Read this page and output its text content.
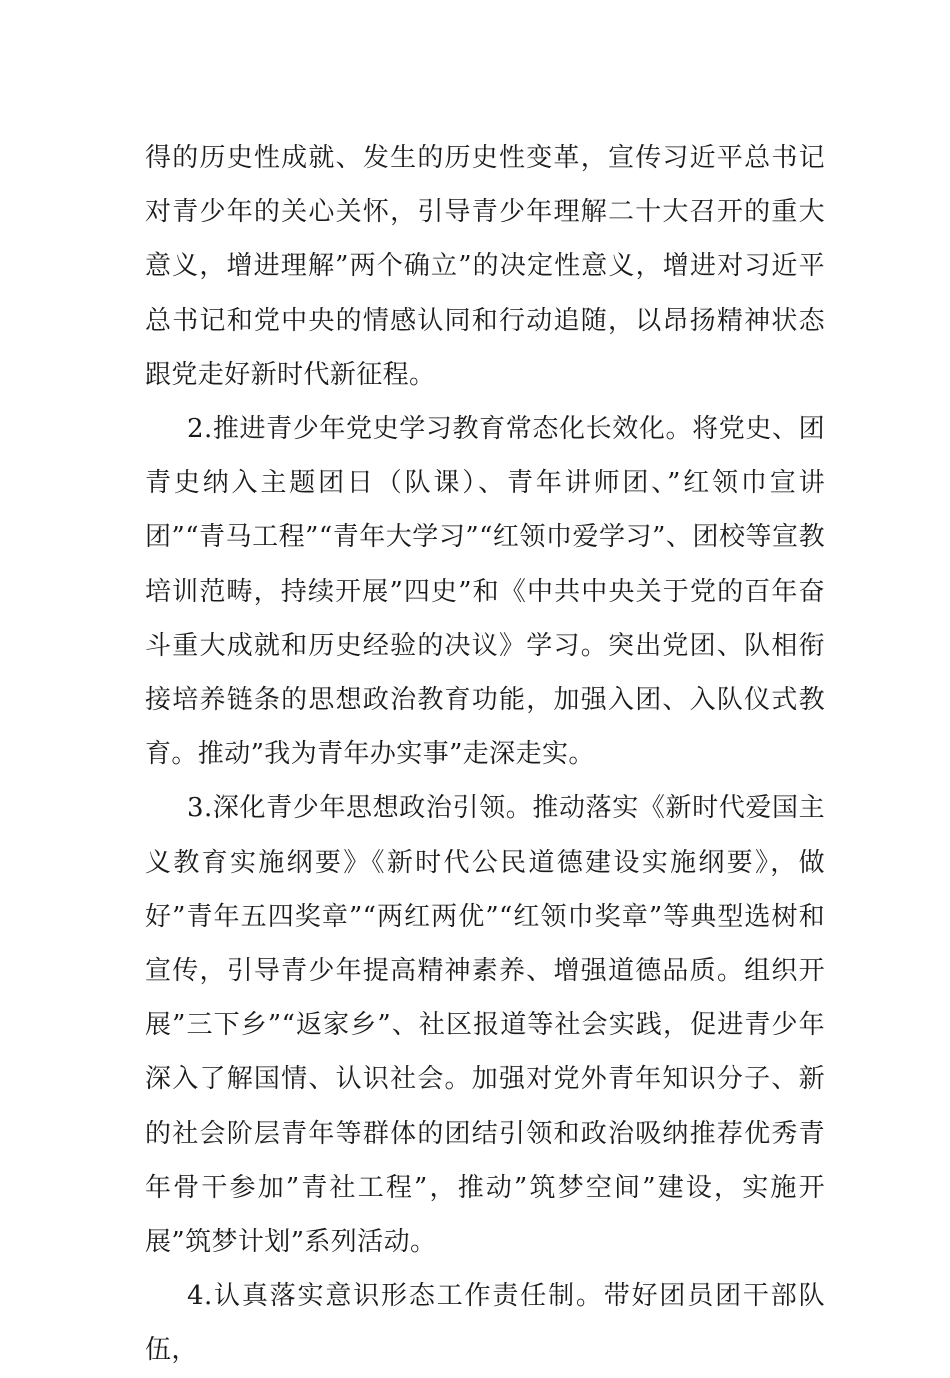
得的历史性成就、发生的历史性变革，宣传习近平总书记对青少年的关心关怀，引导青少年理解二十大召开的重大意义，增进理解”两个确立”的决定性意义，增进对习近平总书记和党中央的情感认同和行动追随，以昂扬精神状态跟党走好新时代新征程。

2.推进青少年党史学习教育常态化长效化。将党史、团青史纳入主题团日（队课）、青年讲师团、”红领巾宣讲团”“青马工程”“青年大学习”“红领巾爱学习”、团校等宣教培训范畴，持续开展”四史”和《中共中央关于党的百年奋斗重大成就和历史经验的决议》学习。突出党团、队相衔接培养链条的思想政治教育功能，加强入团、入队仪式教育。推动”我为青年办实事”走深走实。

3.深化青少年思想政治引领。推动落实《新时代爱国主义教育实施纲要》《新时代公民道德建设实施纲要》，做好”青年五四奖章”“两红两优”“红领巾奖章”等典型选树和宣传，引导青少年提高精神素养、增强道德品质。组织开展”三下乡”“返家乡”、社区报道等社会实践，促进青少年深入了解国情、认识社会。加强对党外青年知识分子、新的社会阶层青年等群体的团结引领和政治吸纳推荐优秀青年骨干参加”青社工程”，推动”筑梦空间”建设，实施开展”筑梦计划”系列活动。

4.认真落实意识形态工作责任制。带好团员团干部队伍，
